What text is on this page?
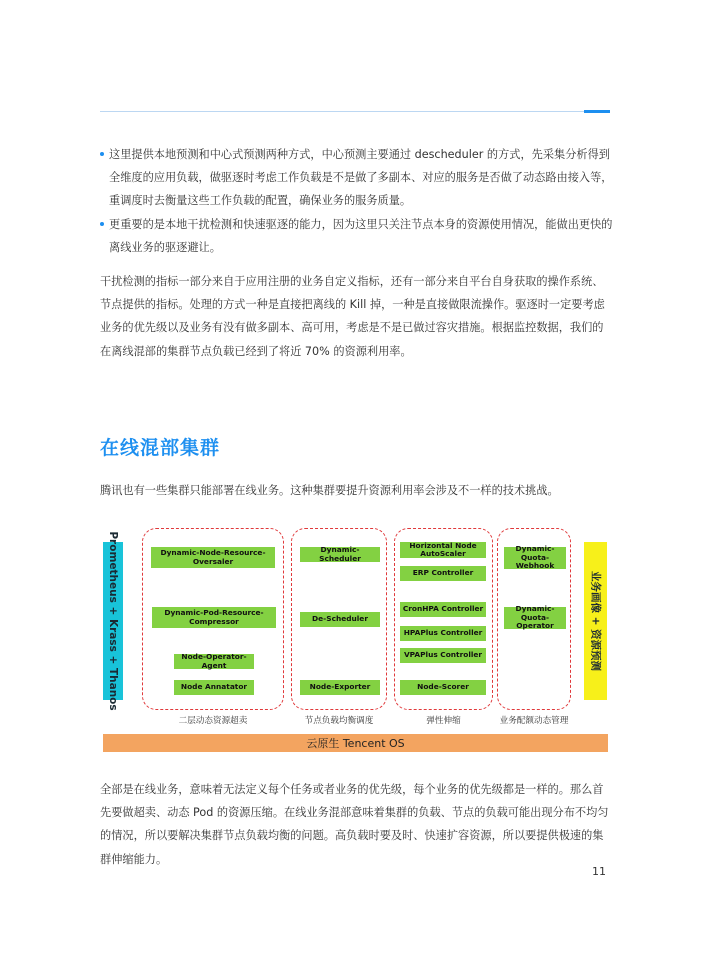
这里提供本地预测和中心式预测两种方式，中心预测主要通过 descheduler 的方式，先采集分析得到全维度的应用负载，做驱逐时考虑工作负载是不是做了多副本、对应的服务是否做了动态路由接入等，重调度时去衡量这些工作负载的配置，确保业务的服务质量。
更重要的是本地干扰检测和快速驱逐的能力，因为这里只关注节点本身的资源使用情况，能做出更快的离线业务的驱逐避让。

干扰检测的指标一部分来自于应用注册的业务自定义指标，还有一部分来自平台自身获取的操作系统、节点提供的指标。处理的方式一种是直接把离线的 Kill 掉，一种是直接做限流操作。驱逐时一定要考虑业务的优先级以及业务有没有做多副本、高可用，考虑是不是已做过容灾措施。根据监控数据，我们的在离线混部的集群节点负载已经到了将近 70% 的资源利用率。

在线混部集群

腾讯也有一些集群只能部署在线业务。这种集群要提升资源利用率会涉及不一样的技术挑战。

Prometheus + Krass + Thanos	业务画像 + 资源预测
Dynamic-Node-Resource-Oversaler
Dynamic-Pod-Resource-Compressor
Node-Operator-Agent
Node Annatator
Dynamic-Scheduler
De-Scheduler
Node-Exporter
Horizontal Node AutoScaler
ERP Controller
CronHPA Controller
HPAPlus Controller
VPAPlus Controller
Node-Scorer
Dynamic-Quota-Webhook
Dynamic-Quota-Operator
二层动态资源超卖	节点负载均衡调度	弹性伸缩	业务配额动态管理
云原生 Tencent OS

全部是在线业务，意味着无法定义每个任务或者业务的优先级，每个业务的优先级都是一样的。那么首先要做超卖、动态 Pod 的资源压缩。在线业务混部意味着集群的负载、节点的负载可能出现分布不均匀的情况，所以要解决集群节点负载均衡的问题。高负载时要及时、快速扩容资源，所以要提供极速的集群伸缩能力。

11
